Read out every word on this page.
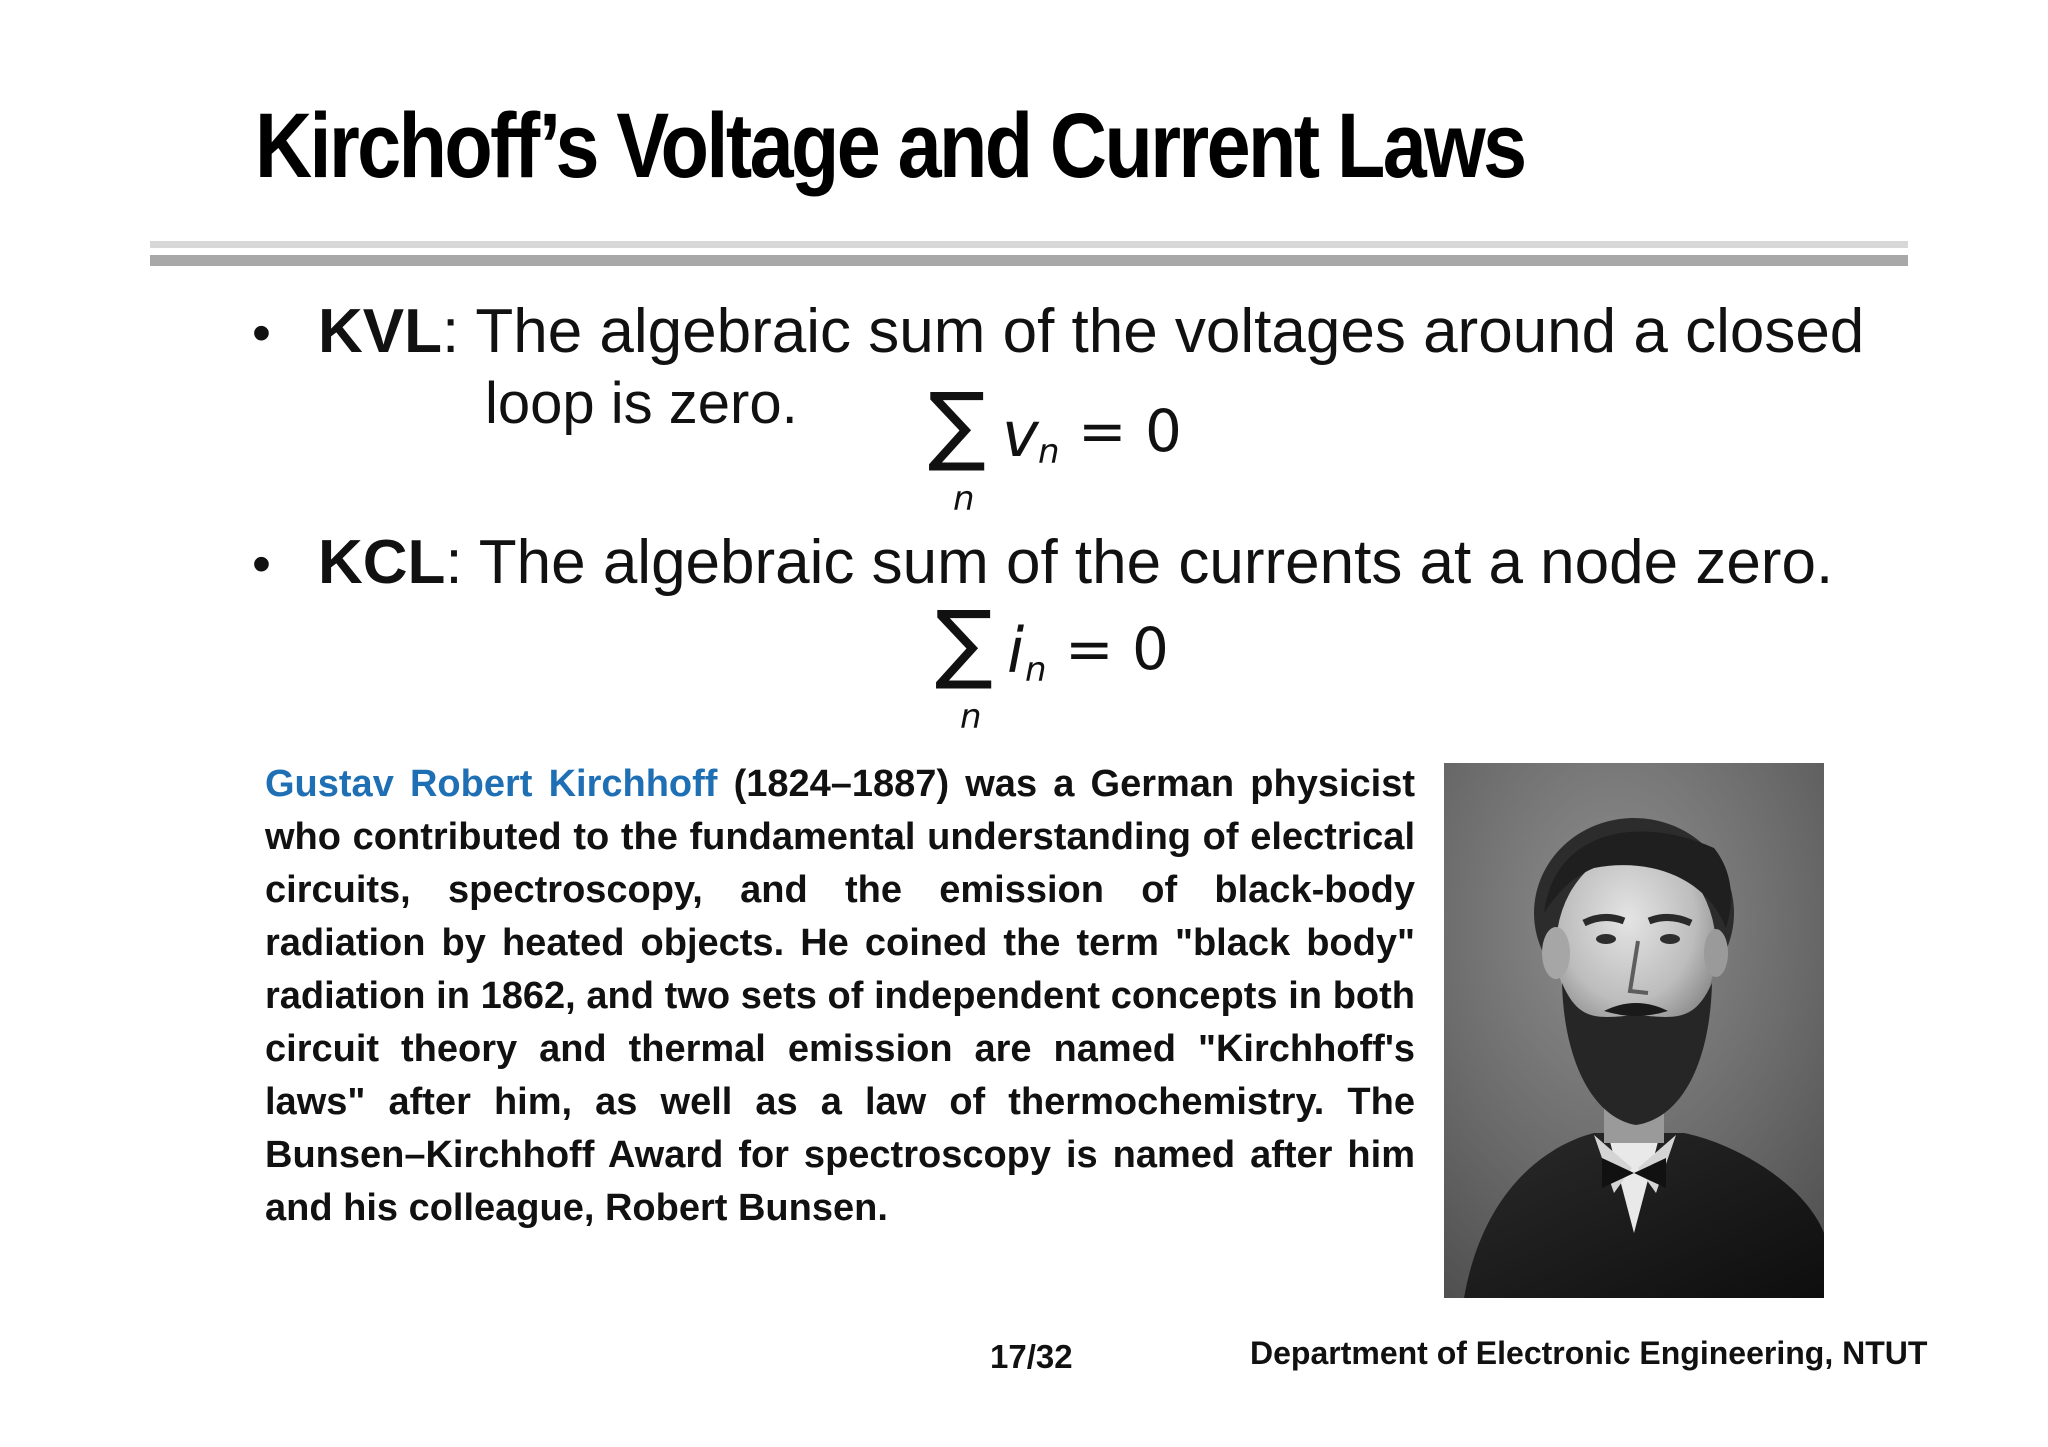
Kirchoff’s Voltage and Current Laws
• KVL: The algebraic sum of the voltages around a closed
loop is zero. ∑ v n = 0
n
• KCL: The algebraic sum of the currents at a node zero.
∑ i n = 0
n

Gustav Robert Kirchhoff (1824–1887) was a German physicist who contributed to the fundamental understanding of electrical circuits, spectroscopy, and the emission of black-body radiation by heated objects. He coined the term "black body" radiation in 1862, and two sets of independent concepts in both circuit theory and thermal emission are named "Kirchhoff's laws" after him, as well as a law of thermochemistry. The Bunsen–Kirchhoff Award for spectroscopy is named after him and his colleague, Robert Bunsen.

17/32	Department of Electronic Engineering, NTUT
